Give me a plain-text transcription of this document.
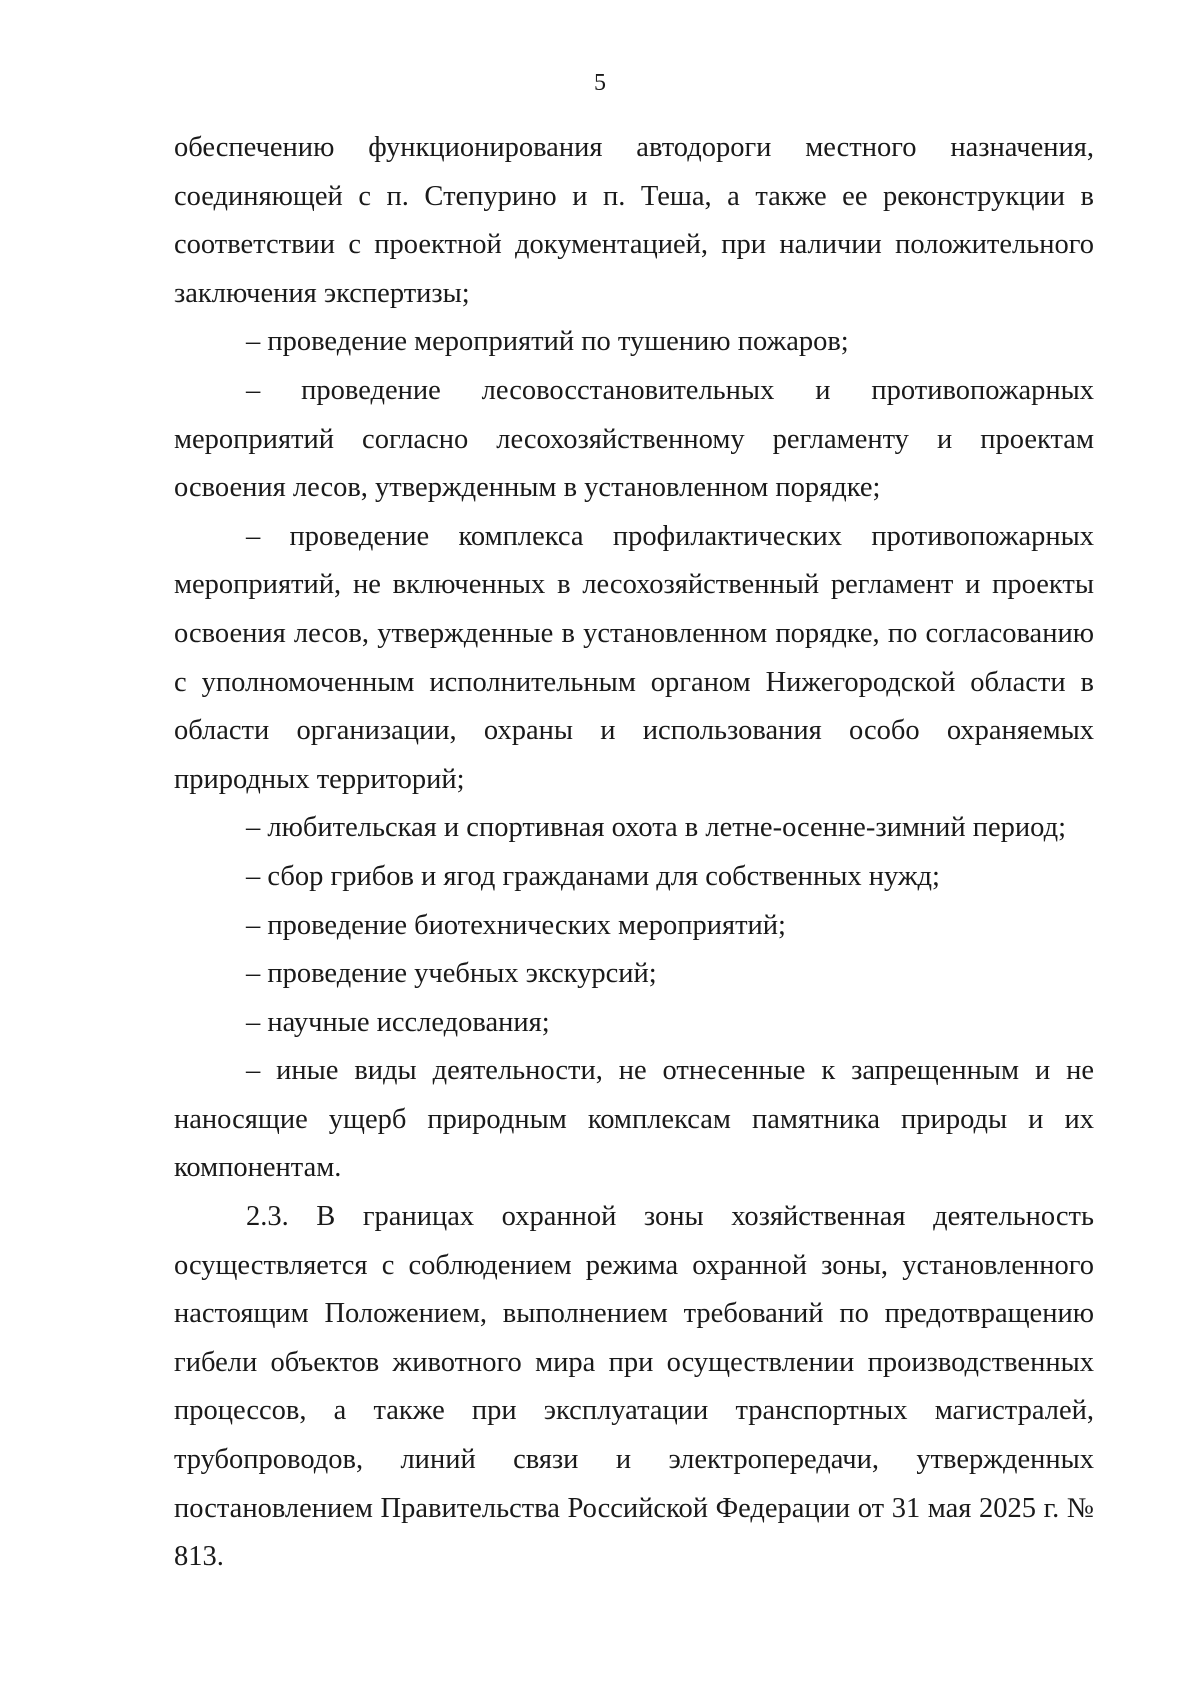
5

обеспечению функционирования автодороги местного назначения, соединяющей с п. Степурино и п. Теша, а также ее реконструкции в соответствии с проектной документацией, при наличии положительного заключения экспертизы;

– проведение мероприятий по тушению пожаров;

– проведение лесовосстановительных и противопожарных мероприятий согласно лесохозяйственному регламенту и проектам освоения лесов, утвержденным в установленном порядке;

– проведение комплекса профилактических противопожарных мероприятий, не включенных в лесохозяйственный регламент и проекты освоения лесов, утвержденные в установленном порядке, по согласованию с уполномоченным исполнительным органом Нижегородской области в области организации, охраны и использования особо охраняемых природных территорий;

– любительская и спортивная охота в летне-осенне-зимний период;

– сбор грибов и ягод гражданами для собственных нужд;

– проведение биотехнических мероприятий;

– проведение учебных экскурсий;

– научные исследования;

– иные виды деятельности, не отнесенные к запрещенным и не наносящие ущерб природным комплексам памятника природы и их компонентам.

2.3. В границах охранной зоны хозяйственная деятельность осуществляется с соблюдением режима охранной зоны, установленного настоящим Положением, выполнением требований по предотвращению гибели объектов животного мира при осуществлении производственных процессов, а также при эксплуатации транспортных магистралей, трубопроводов, линий связи и электропередачи, утвержденных постановлением Правительства Российской Федерации от 31 мая 2025 г. № 813.
